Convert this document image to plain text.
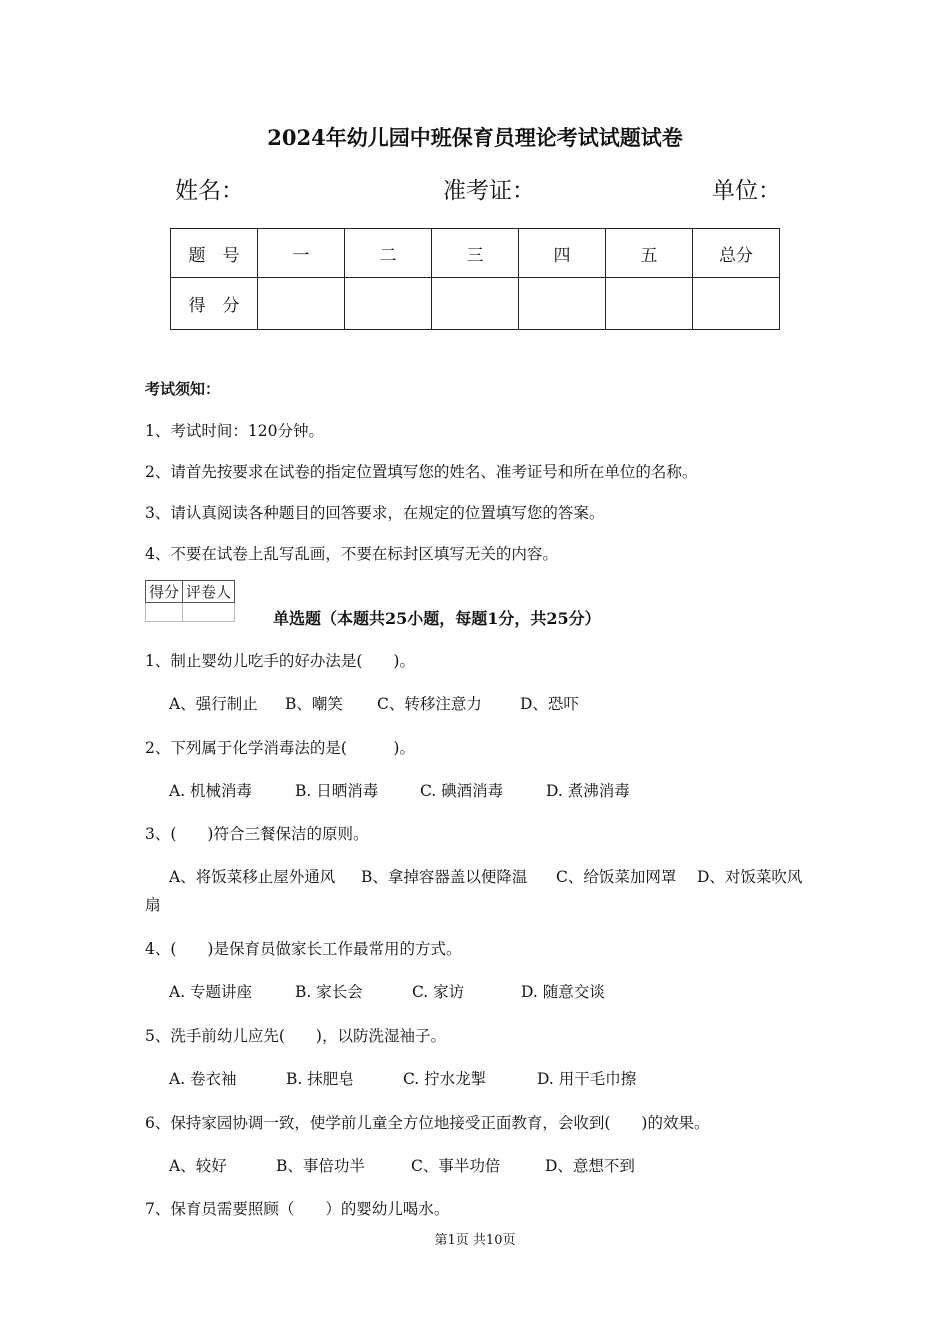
2024年幼儿园中班保育员理论考试试题试卷
姓名：	准考证：	单位：
题　号	一	二	三	四	五	总分
得　分						
考试须知：
1、考试时间：120分钟。
2、请首先按要求在试卷的指定位置填写您的姓名、准考证号和所在单位的名称。
3、请认真阅读各种题目的回答要求，在规定的位置填写您的答案。
4、不要在试卷上乱写乱画，不要在标封区填写无关的内容。
得分	评卷人

单选题（本题共25小题，每题1分，共25分）
1、制止婴幼儿吃手的好办法是(　　)。
A、强行制止 B、嘲笑 C、转移注意力 D、恐吓
2、下列属于化学消毒法的是(　　　)。
A. 机械消毒	B. 日晒消毒	C. 碘酒消毒	D. 煮沸消毒
3、(　　)符合三餐保洁的原则。
A、将饭菜移止屋外通风 B、拿掉容器盖以便降温 C、给饭菜加网罩 D、对饭菜吹风
扇
4、(　　)是保育员做家长工作最常用的方式。
A. 专题讲座	B. 家长会	C. 家访	D. 随意交谈
5、洗手前幼儿应先(　　)，以防洗湿袖子。
A. 卷衣袖	B. 抹肥皂	C. 拧水龙掣	D. 用干毛巾擦
6、保持家园协调一致，使学前儿童全方位地接受正面教育，会收到(　　)的效果。
A、较好	B、事倍功半	C、事半功倍	D、意想不到
7、保育员需要照顾（　　）的婴幼儿喝水。
第1页 共10页
